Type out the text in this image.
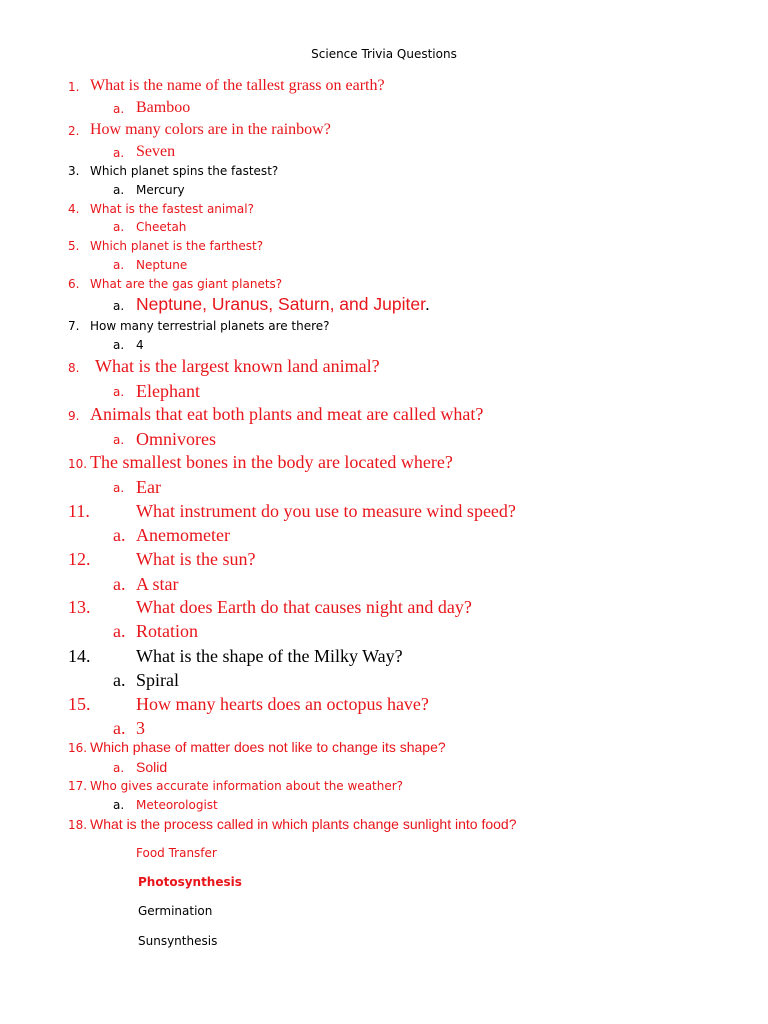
Science Trivia Questions
1. What is the name of the tallest grass on earth?
a. Bamboo
2. How many colors are in the rainbow?
a. Seven
3. Which planet spins the fastest?
a. Mercury
4. What is the fastest animal?
a. Cheetah
5. Which planet is the farthest?
a. Neptune
6. What are the gas giant planets?
a. Neptune, Uranus, Saturn, and Jupiter.
7. How many terrestrial planets are there?
a. 4
8. What is the largest known land animal?
a. Elephant
9. Animals that eat both plants and meat are called what?
a. Omnivores
10. The smallest bones in the body are located where?
a. Ear
11.	What instrument do you use to measure wind speed?
a. Anemometer
12.	What is the sun?
a. A star
13.	What does Earth do that causes night and day?
a. Rotation
14.	What is the shape of the Milky Way?
a. Spiral
15.	How many hearts does an octopus have?
a. 3
16. Which phase of matter does not like to change its shape?
a. Solid
17. Who gives accurate information about the weather?
a. Meteorologist
18. What is the process called in which plants change sunlight into food?
Food Transfer
Photosynthesis
Germination
Sunsynthesis
